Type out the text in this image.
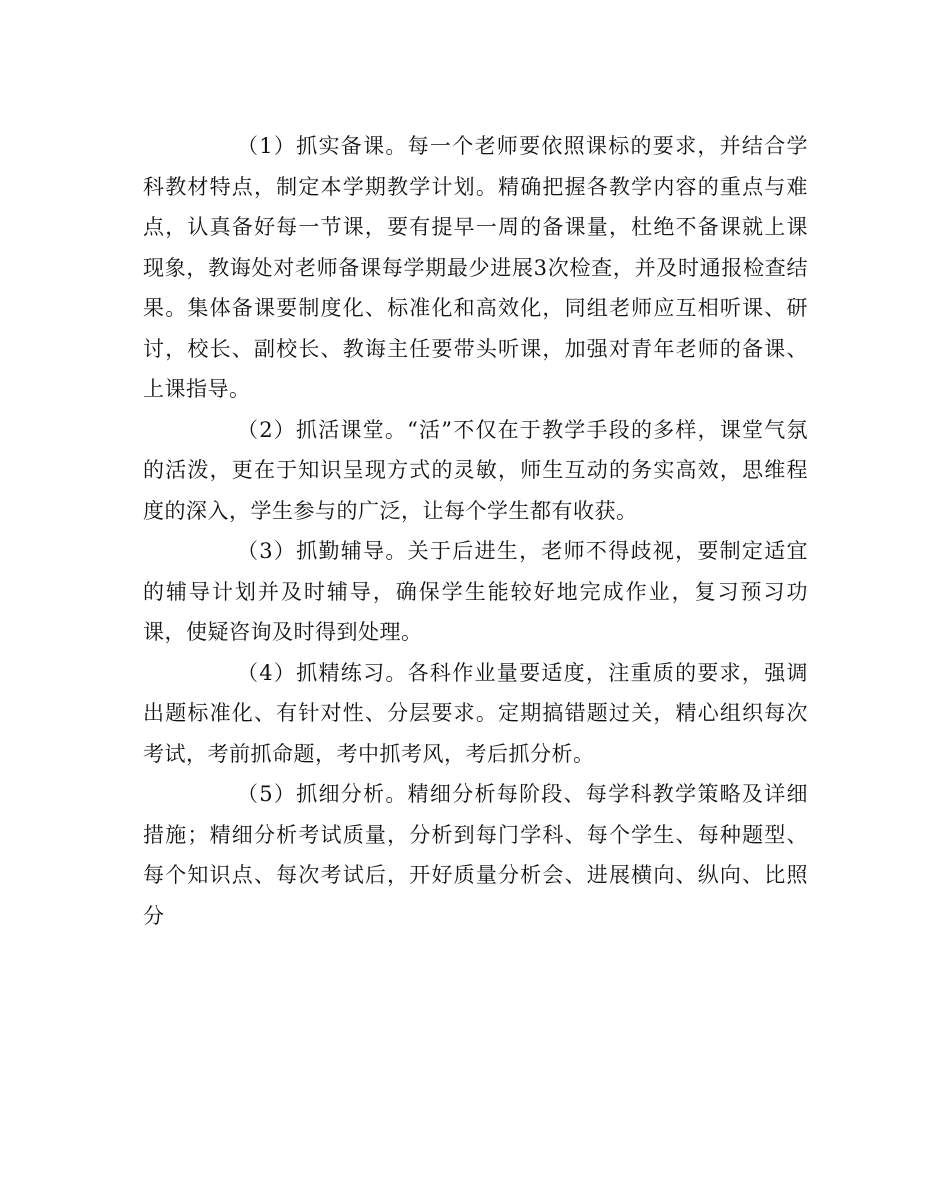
（1）抓实备课。每一个老师要依照课标的要求，并结合学科教材特点，制定本学期教学计划。精确把握各教学内容的重点与难点，认真备好每一节课，要有提早一周的备课量，杜绝不备课就上课现象，教诲处对老师备课每学期最少进展3次检查，并及时通报检查结果。集体备课要制度化、标准化和高效化，同组老师应互相听课、研讨，校长、副校长、教诲主任要带头听课，加强对青年老师的备课、上课指导。

（2）抓活课堂。“活”不仅在于教学手段的多样，课堂气氛的活泼，更在于知识呈现方式的灵敏，师生互动的务实高效，思维程度的深入，学生参与的广泛，让每个学生都有收获。

（3）抓勤辅导。关于后进生，老师不得歧视，要制定适宜的辅导计划并及时辅导，确保学生能较好地完成作业，复习预习功课，使疑咨询及时得到处理。

（4）抓精练习。各科作业量要适度，注重质的要求，强调出题标准化、有针对性、分层要求。定期搞错题过关，精心组织每次考试，考前抓命题，考中抓考风，考后抓分析。

（5）抓细分析。精细分析每阶段、每学科教学策略及详细措施；精细分析考试质量，分析到每门学科、每个学生、每种题型、每个知识点、每次考试后，开好质量分析会、进展横向、纵向、比照分
